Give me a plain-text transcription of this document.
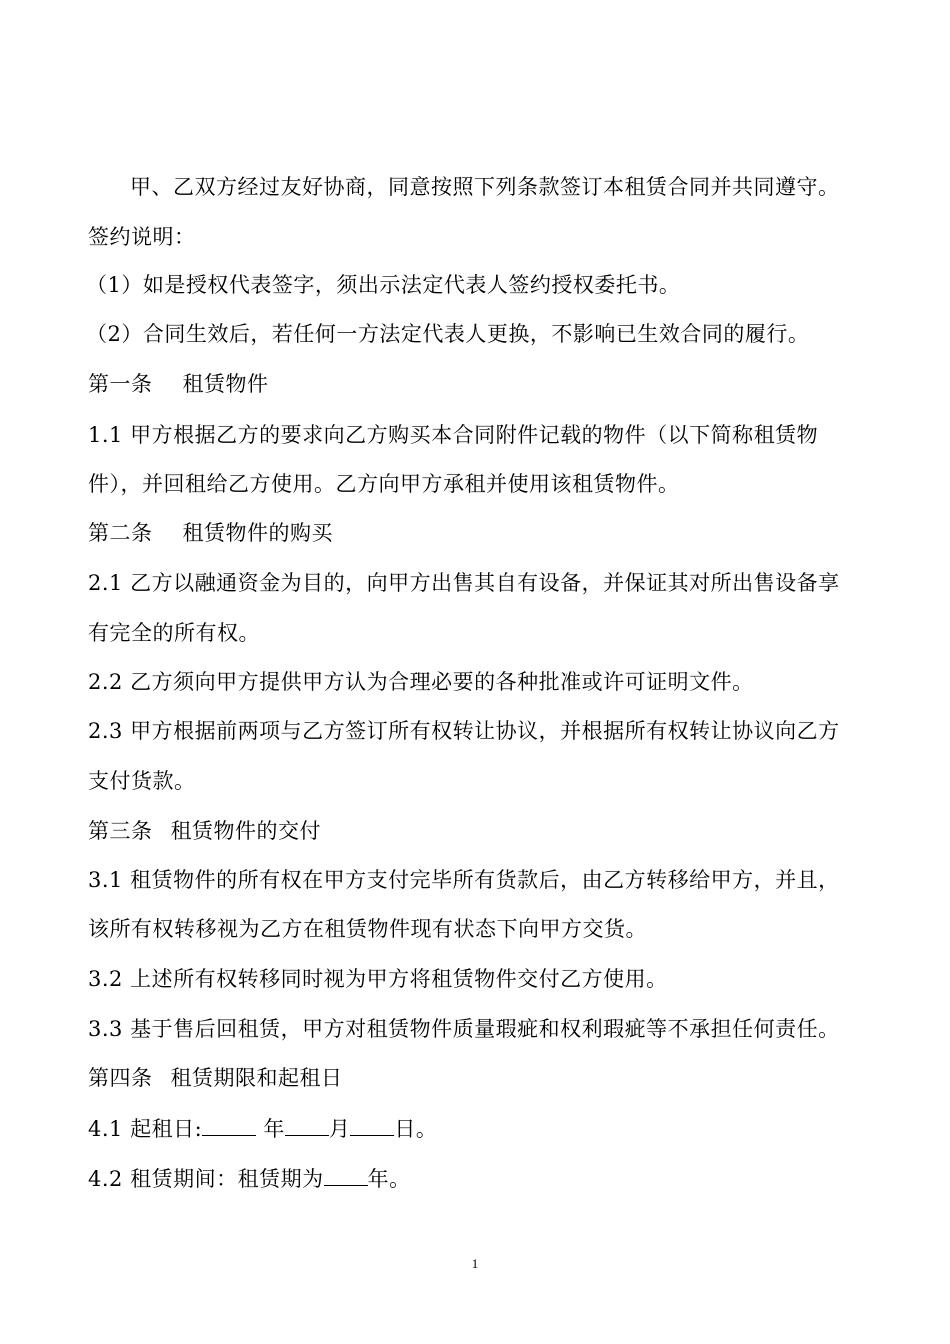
甲、乙双方经过友好协商，同意按照下列条款签订本租赁合同并共同遵守。
签约说明：
（1）如是授权代表签字，须出示法定代表人签约授权委托书。
（2）合同生效后，若任何一方法定代表人更换，不影响已生效合同的履行。
第一条 租赁物件
1.1 甲方根据乙方的要求向乙方购买本合同附件记载的物件（以下简称租赁物
件），并回租给乙方使用。乙方向甲方承租并使用该租赁物件。
第二条 租赁物件的购买
2.1 乙方以融通资金为目的，向甲方出售其自有设备，并保证其对所出售设备享
有完全的所有权。
2.2 乙方须向甲方提供甲方认为合理必要的各种批准或许可证明文件。
2.3 甲方根据前两项与乙方签订所有权转让协议，并根据所有权转让协议向乙方
支付货款。
第三条 租赁物件的交付
3.1 租赁物件的所有权在甲方支付完毕所有货款后，由乙方转移给甲方，并且，
该所有权转移视为乙方在租赁物件现有状态下向甲方交货。
3.2 上述所有权转移同时视为甲方将租赁物件交付乙方使用。
3.3 基于售后回租赁，甲方对租赁物件质量瑕疵和权利瑕疵等不承担任何责任。
第四条 租赁期限和起租日
4.1 起租日:	年 月 日。
4.2 租赁期间：租赁期为 年。
1
